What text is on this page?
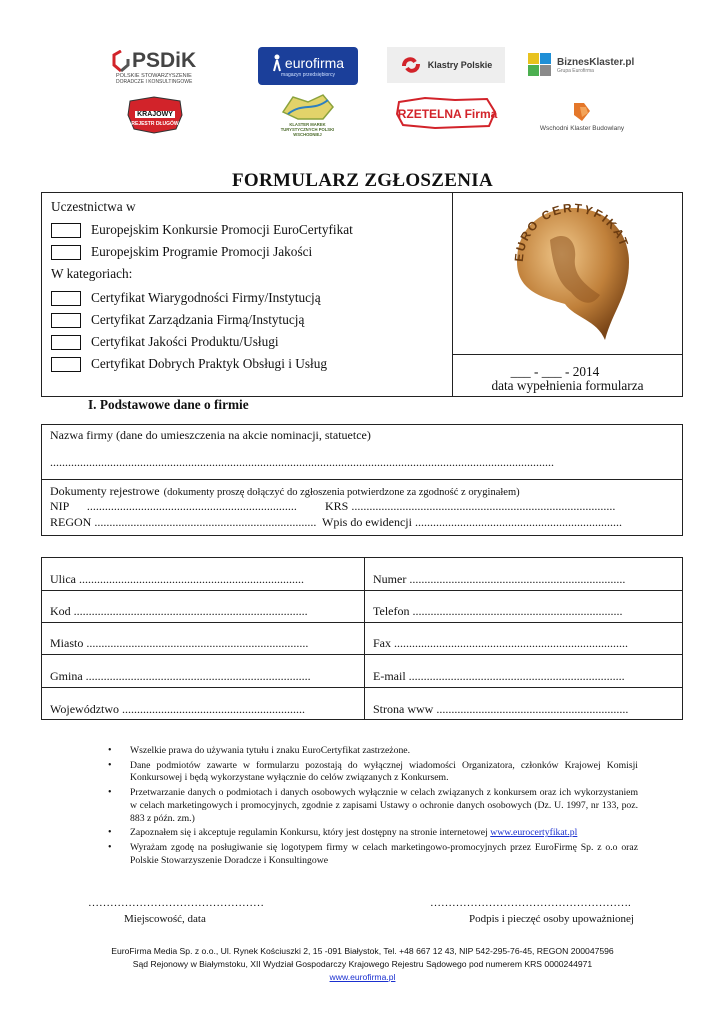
PSDiK
POLSKIE STOWARZYSZENIE
DORADCZE I KONSULTINGOWE
eurofirma
magazyn przedsiębiorcy
Klastry Polskie	BiznesKlaster.pl
Grupa Eurofirma
KRAJOWY

REJESTR DŁUGÓW	KLASTER MAREK TURYSTYCZNYCH POLSKI WSCHODNIEJ
RZETELNA Firma
Wschodni Klaster Budowlany
FORMULARZ ZGŁOSZENIA
Uczestnictwa w
Europejskim Konkursie Promocji EuroCertyfikat
Europejskim Programie Promocji Jakości
W kategoriach:
Certyfikat Wiarygodności Firmy/Instytucją
Certyfikat Zarządzania Firmą/Instytucją
Certyfikat Jakości Produktu/Usługi
Certyfikat Dobrych Praktyk Obsługi i Usług
EURO CERTYFIKAT
___ - ___ - 2014
data wypełnienia formularza
I. Podstawowe dane o firmie
Nazwa firmy (dane do umieszczenia na akcie nominacji, statuetce)
........................................................................................................................................................................
Dokumenty rejestrowe (dokumenty proszę dołączyć do zgłoszenia potwierdzone za zgodność z oryginałem)
NIP      ...................................................................... KRS ........................................................................................
REGON .......................................................................... Wpis do ewidencji .....................................................................
Ulica ...........................................................................	Numer ........................................................................
Kod ..............................................................................	Telefon ......................................................................
Miasto ..........................................................................	Fax ..............................................................................
Gmina ...........................................................................	E-mail ........................................................................
Województwo .............................................................	Strona www ................................................................
• Wszelkie prawa do używania tytułu i znaku EuroCertyfikat zastrzeżone.
• Dane podmiotów zawarte w formularzu pozostają do wyłącznej wiadomości Organizatora, członków Krajowej Komisji Konkursowej i będą wykorzystane wyłącznie do celów związanych z Konkursem.
• Przetwarzanie danych o podmiotach i danych osobowych wyłącznie w celach związanych z konkursem oraz ich wykorzystaniem w celach marketingowych i promocyjnych, zgodnie z zapisami Ustawy o ochronie danych osobowych (Dz. U. 1997, nr 133, poz. 883 z późn. zm.)
• Zapoznałem się i akceptuje regulamin Konkursu, który jest dostępny na stronie internetowej www.eurocertyfikat.pl
• Wyrażam zgodę na posługiwanie się logotypem firmy w celach marketingowo-promocyjnych przez EuroFirmę Sp. z o.o oraz Polskie Stowarzyszenie Doradcze i Konsultingowe
…………………………………………
Miejscowość, data
……………………………………………….
Podpis i pieczęć osoby upoważnionej
EuroFirma Media Sp. z o.o., Ul. Rynek Kościuszki 2, 15 -091 Białystok, Tel. +48 667 12 43, NIP 542-295-76-45, REGON 200047596
Sąd Rejonowy w Białymstoku, XII Wydział Gospodarczy Krajowego Rejestru Sądowego pod numerem KRS 0000244971
www.eurofirma.pl
